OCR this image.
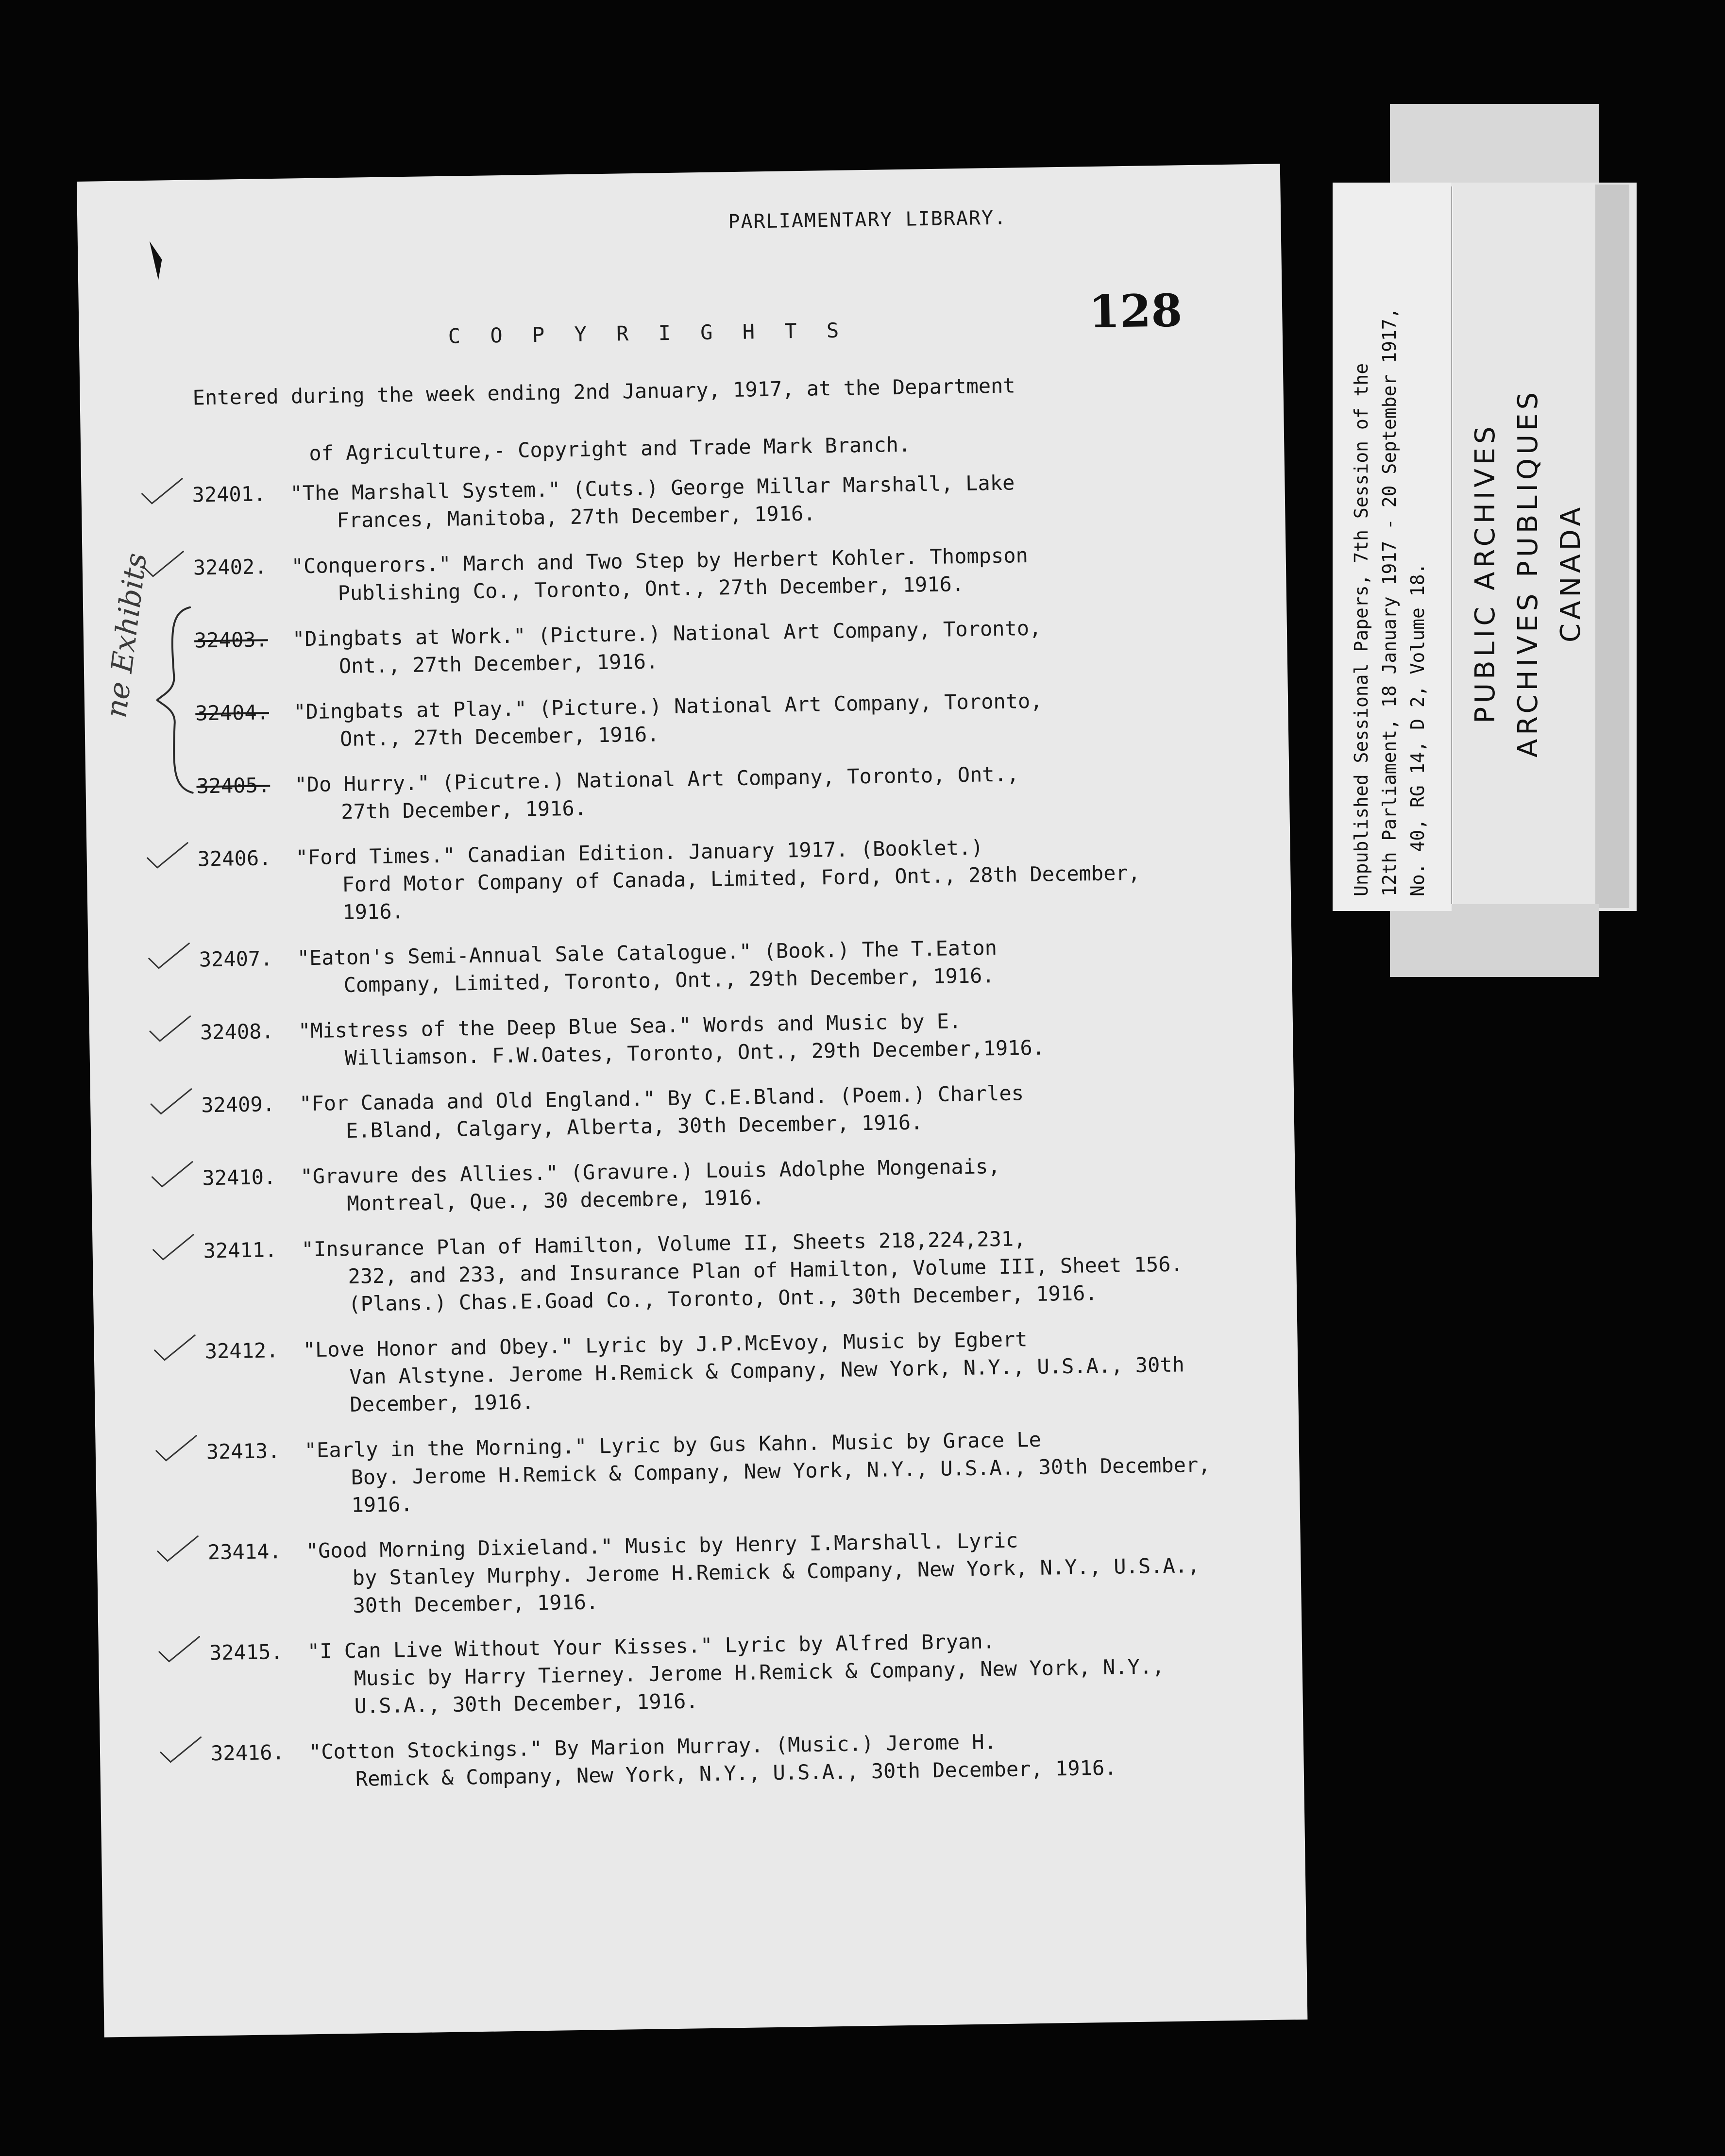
PARLIAMENTARY LIBRARY.
128
C O P Y R I G H T S
Entered during the week ending 2nd January, 1917, at the Department
of Agriculture,- Copyright and Trade Mark Branch.
ne Exhibits
32401. "The Marshall System." (Cuts.) George Millar Marshall, Lake
Frances, Manitoba, 27th December, 1916.
32402. "Conquerors." March and Two Step by Herbert Kohler. Thompson
Publishing Co., Toronto, Ont., 27th December, 1916.
32403. "Dingbats at Work." (Picture.) National Art Company, Toronto,
Ont., 27th December, 1916.
32404. "Dingbats at Play." (Picture.) National Art Company, Toronto,
Ont., 27th December, 1916.
32405. "Do Hurry." (Picutre.) National Art Company, Toronto, Ont.,
27th December, 1916.
32406. "Ford Times." Canadian Edition. January 1917. (Booklet.)
Ford Motor Company of Canada, Limited, Ford, Ont., 28th December, 1916.
32407. "Eaton's Semi-Annual Sale Catalogue." (Book.) The T.Eaton
Company, Limited, Toronto, Ont., 29th December, 1916.
32408. "Mistress of the Deep Blue Sea." Words and Music by E.
Williamson. F.W.Oates, Toronto, Ont., 29th December,1916.
32409. "For Canada and Old England." By C.E.Bland. (Poem.) Charles
E.Bland, Calgary, Alberta, 30th December, 1916.
32410. "Gravure des Allies." (Gravure.) Louis Adolphe Mongenais,
Montreal, Que., 30 decembre, 1916.
32411. "Insurance Plan of Hamilton, Volume II, Sheets 218,224,231,
232, and 233, and Insurance Plan of Hamilton, Volume III, Sheet 156. (Plans.) Chas.E.Goad Co., Toronto, Ont., 30th December, 1916.
32412. "Love Honor and Obey." Lyric by J.P.McEvoy, Music by Egbert
Van Alstyne. Jerome H.Remick & Company, New York, N.Y., U.S.A., 30th December, 1916.
32413. "Early in the Morning." Lyric by Gus Kahn. Music by Grace Le
Boy. Jerome H.Remick & Company, New York, N.Y., U.S.A., 30th December, 1916.
23414. "Good Morning Dixieland." Music by Henry I.Marshall. Lyric
by Stanley Murphy. Jerome H.Remick & Company, New York, N.Y., U.S.A., 30th December, 1916.
32415. "I Can Live Without Your Kisses." Lyric by Alfred Bryan.
Music by Harry Tierney. Jerome H.Remick & Company, New York, N.Y., U.S.A., 30th December, 1916.
32416. "Cotton Stockings." By Marion Murray. (Music.) Jerome H.
Remick & Company, New York, N.Y., U.S.A., 30th December, 1916.
Unpublished Sessional Papers, 7th Session of the 12th Parliament, 18 January 1917 - 20 September 1917, No. 40, RG 14, D 2, Volume 18. PUBLIC ARCHIVES ARCHIVES PUBLIQUES CANADA
